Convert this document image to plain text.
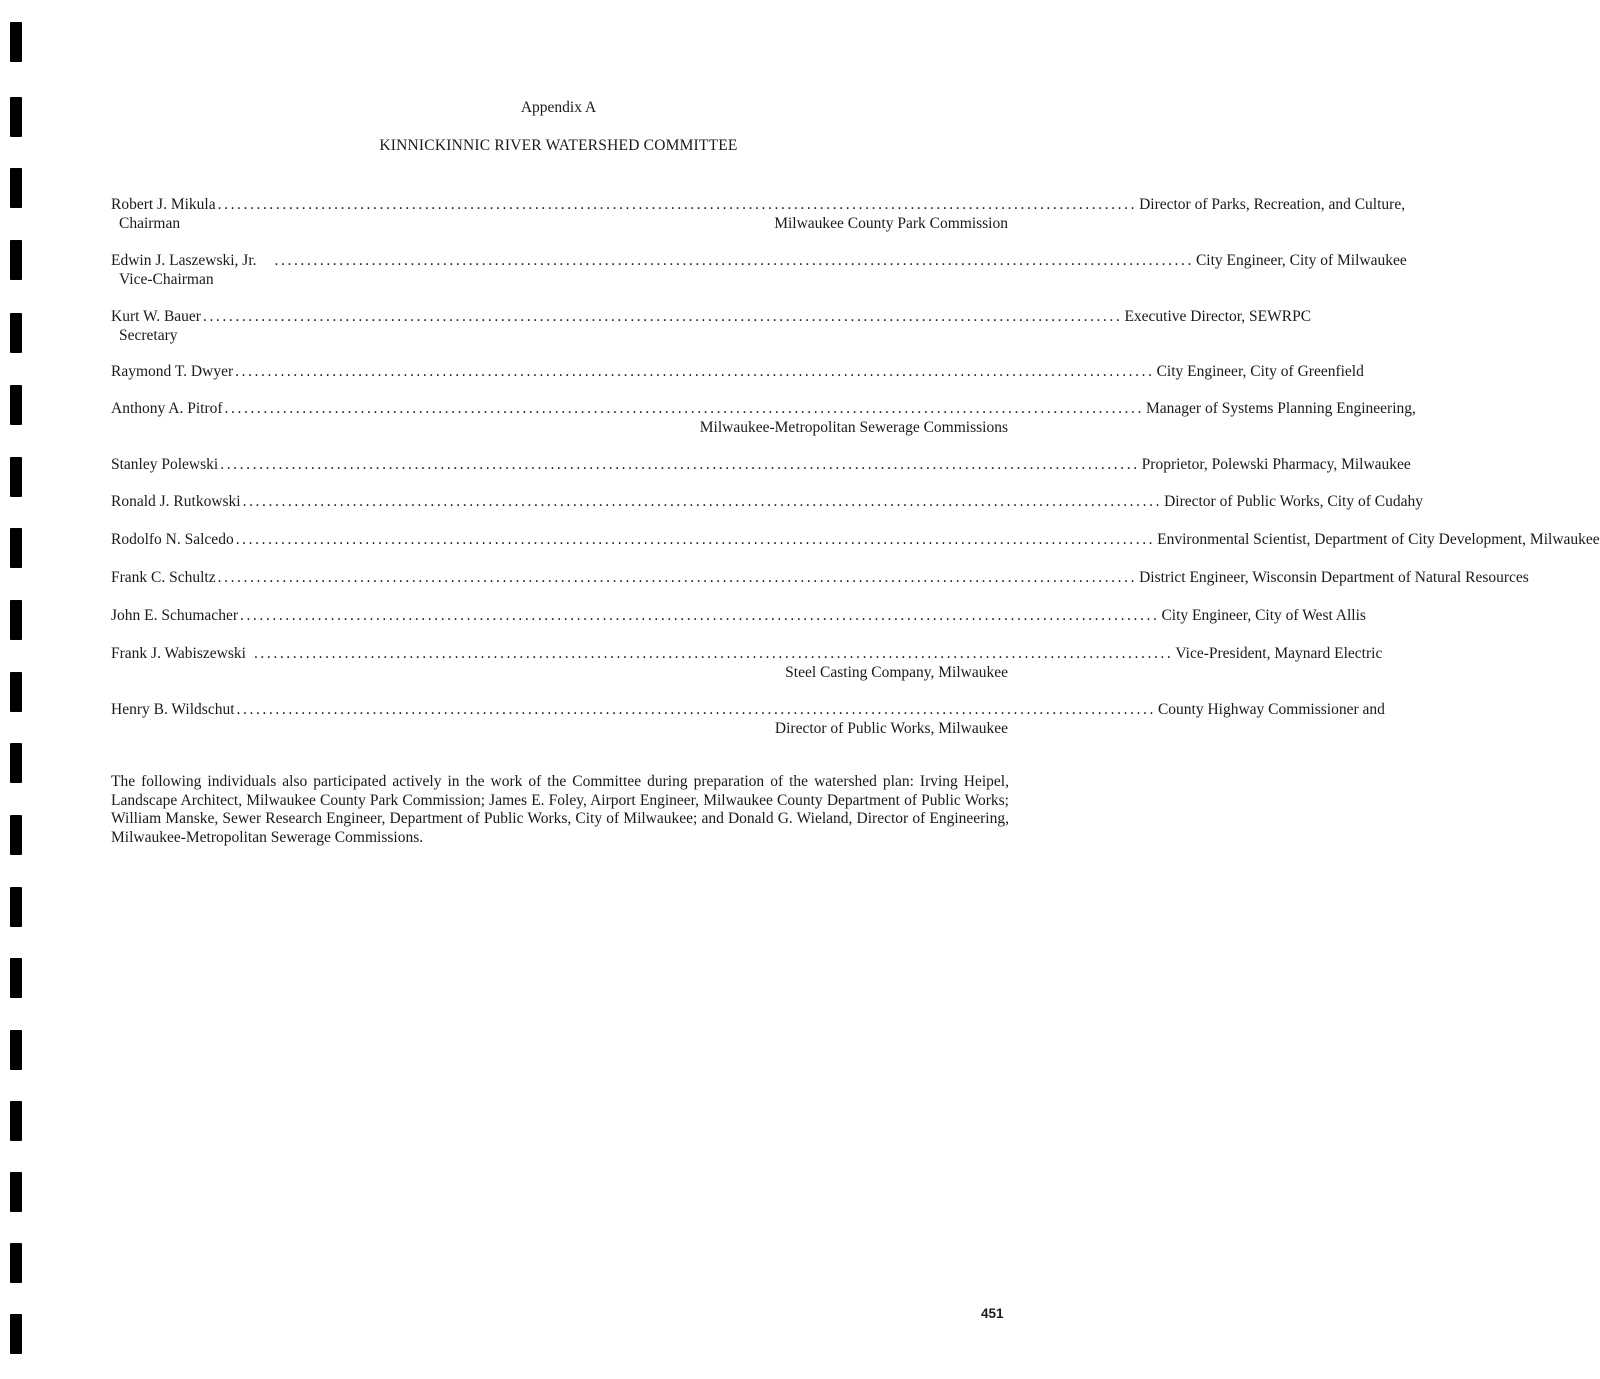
Appendix A
KINNICKINNIC RIVER WATERSHED COMMITTEE
Robert J. Mikula .............................................................................................................................................. Director of Parks, Recreation, and Culture,
Chairman	Milwaukee County Park Commission
Edwin J. Laszewski, Jr. .............................................................................................................................................. City Engineer, City of Milwaukee
Vice-Chairman
Kurt W. Bauer .............................................................................................................................................. Executive Director, SEWRPC
Secretary
Raymond T. Dwyer .............................................................................................................................................. City Engineer, City of Greenfield
Anthony A. Pitrof .............................................................................................................................................. Manager of Systems Planning Engineering,
Milwaukee-Metropolitan Sewerage Commissions
Stanley Polewski .............................................................................................................................................. Proprietor, Polewski Pharmacy, Milwaukee
Ronald J. Rutkowski .............................................................................................................................................. Director of Public Works, City of Cudahy
Rodolfo N. Salcedo .............................................................................................................................................. Environmental Scientist, Department of City Development, Milwaukee
Frank C. Schultz .............................................................................................................................................. District Engineer, Wisconsin Department of Natural Resources
John E. Schumacher .............................................................................................................................................. City Engineer, City of West Allis
Frank J. Wabiszewski .............................................................................................................................................. Vice-President, Maynard Electric
Steel Casting Company, Milwaukee
Henry B. Wildschut .............................................................................................................................................. County Highway Commissioner and
Director of Public Works, Milwaukee
The following individuals also participated actively in the work of the Committee during preparation of the watershed plan: Irving Heipel, Landscape Architect, Milwaukee County Park Commission; James E. Foley, Airport Engineer, Milwaukee County Department of Public Works; William Manske, Sewer Research Engineer, Department of Public Works, City of Milwaukee; and Donald G. Wieland, Director of Engineering, Milwaukee-Metropolitan Sewerage Commissions.
451
